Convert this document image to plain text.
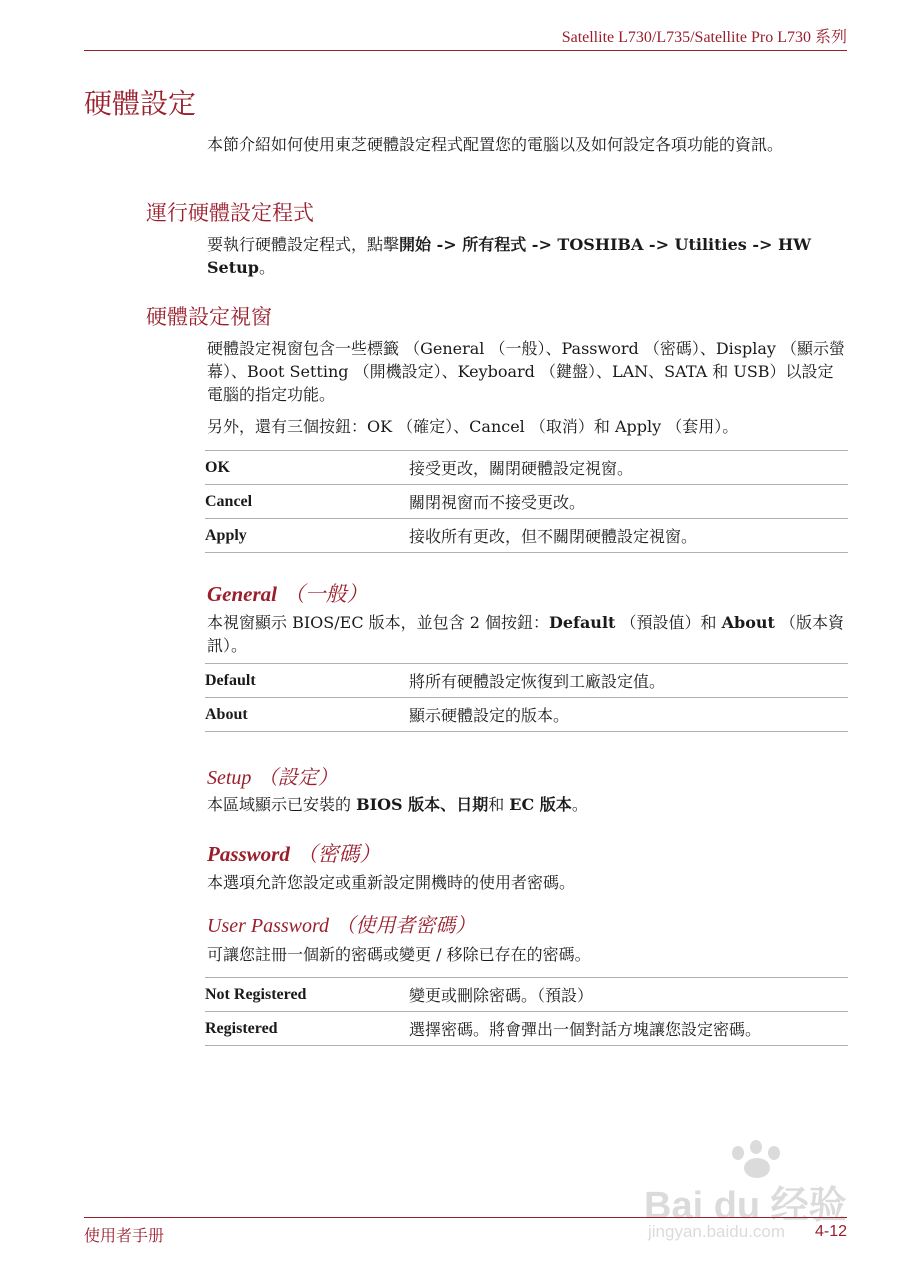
Satellite L730/L735/Satellite Pro L730 系列
硬體設定
本節介紹如何使用東芝硬體設定程式配置您的電腦以及如何設定各項功能的資訊。
運行硬體設定程式
要執行硬體設定程式，點擊開始 -> 所有程式 -> TOSHIBA -> Utilities -> HW Setup。
硬體設定視窗
硬體設定視窗包含一些標籤 （General （一般）、Password （密碼）、Display （顯示螢幕）、Boot Setting （開機設定）、Keyboard （鍵盤）、LAN、SATA 和 USB）以設定電腦的指定功能。
另外，還有三個按鈕：OK （確定）、Cancel （取消）和 Apply （套用）。
OK	接受更改，關閉硬體設定視窗。
Cancel	關閉視窗而不接受更改。
Apply	接收所有更改，但不關閉硬體設定視窗。
General （一般）
本視窗顯示 BIOS/EC 版本，並包含 2 個按鈕：Default （預設值）和 About （版本資訊）。
Default	將所有硬體設定恢復到工廠設定值。
About	顯示硬體設定的版本。
Setup （設定）
本區域顯示已安裝的 BIOS 版本、日期和 EC 版本。
Password （密碼）
本選項允許您設定或重新設定開機時的使用者密碼。
User Password （使用者密碼）
可讓您註冊一個新的密碼或變更 / 移除已存在的密碼。
Not Registered	變更或刪除密碼。（預設）
Registered	選擇密碼。將會彈出一個對話方塊讓您設定密碼。
Bai du 经验
jingyan.baidu.com
使用者手册	4-12
